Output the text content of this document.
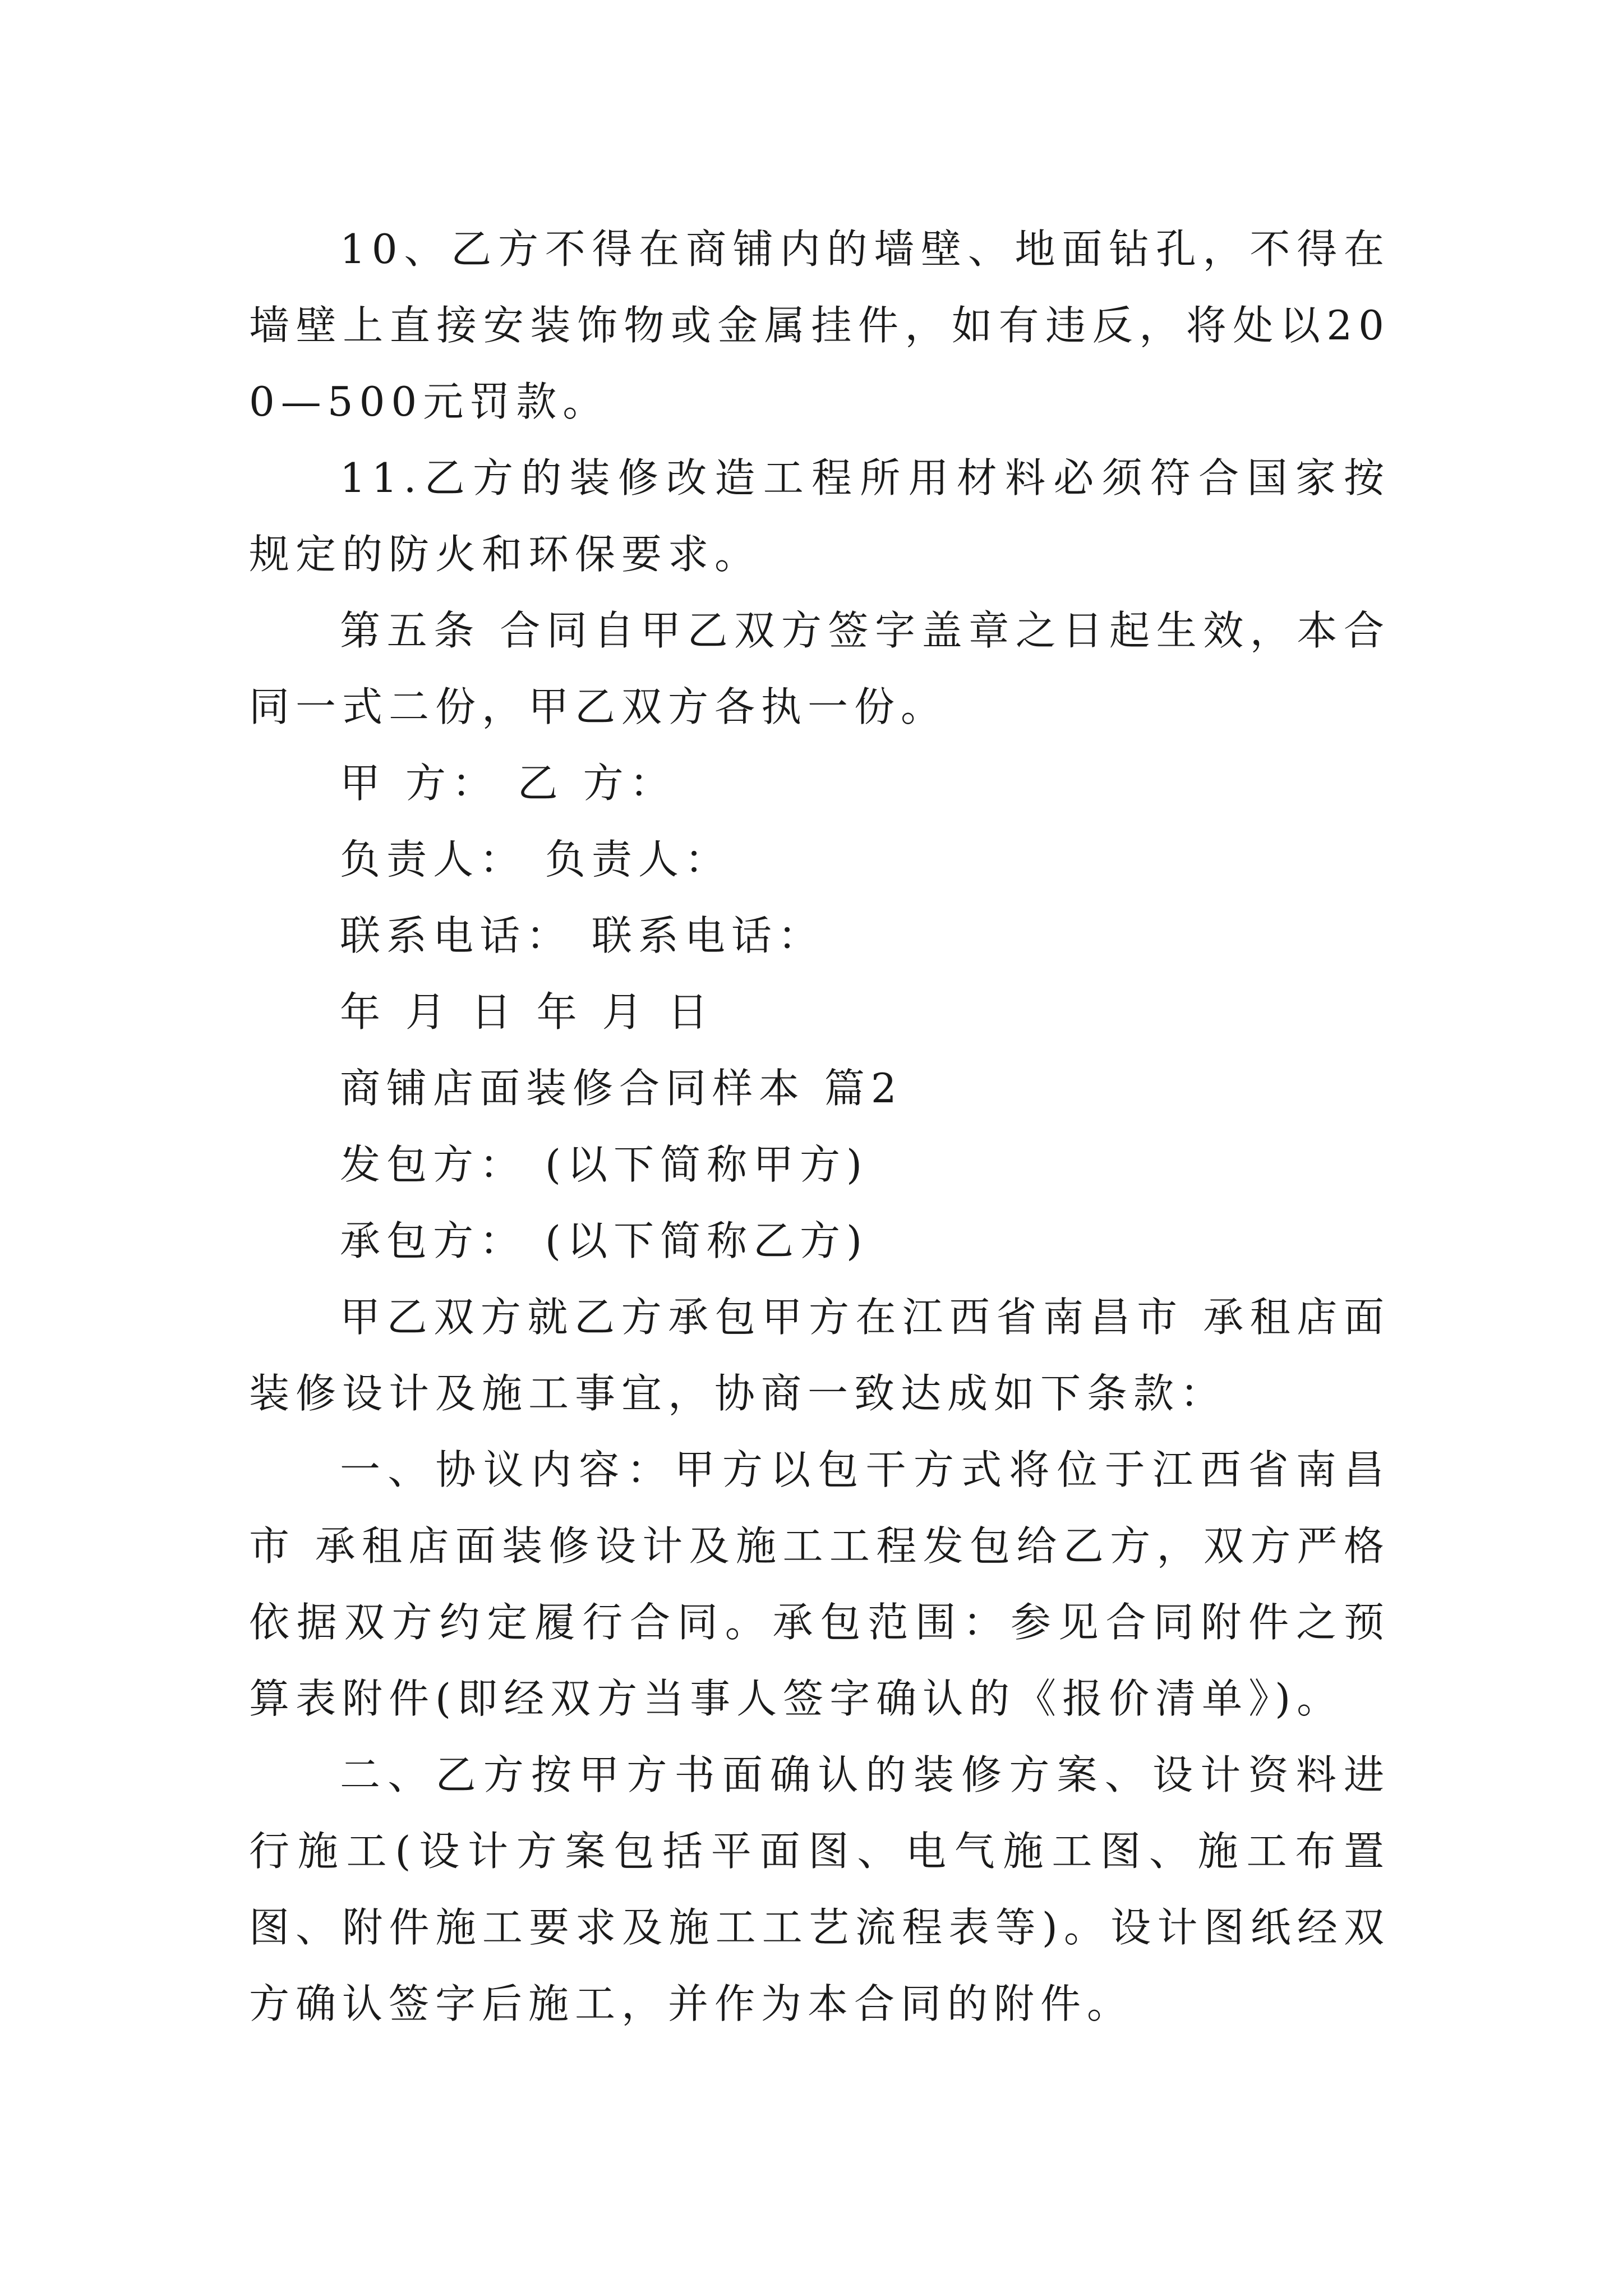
10、乙方不得在商铺内的墙壁、地面钻孔，不得在墙壁上直接安装饰物或金属挂件，如有违反，将处以200—500元罚款。

11.乙方的装修改造工程所用材料必须符合国家按规定的防火和环保要求。

第五条 合同自甲乙双方签字盖章之日起生效，本合同一式二份，甲乙双方各执一份。

甲 方： 乙 方：

负责人： 负责人：

联系电话： 联系电话：

年 月 日 年 月 日

商铺店面装修合同样本 篇2

发包方： (以下简称甲方)

承包方： (以下简称乙方)

甲乙双方就乙方承包甲方在江西省南昌市 承租店面装修设计及施工事宜，协商一致达成如下条款：

一、协议内容：甲方以包干方式将位于江西省南昌市 承租店面装修设计及施工工程发包给乙方，双方严格依据双方约定履行合同。承包范围：参见合同附件之预算表附件(即经双方当事人签字确认的《报价清单》)。

二、乙方按甲方书面确认的装修方案、设计资料进行施工(设计方案包括平面图、电气施工图、施工布置图、附件施工要求及施工工艺流程表等)。设计图纸经双方确认签字后施工，并作为本合同的附件。
